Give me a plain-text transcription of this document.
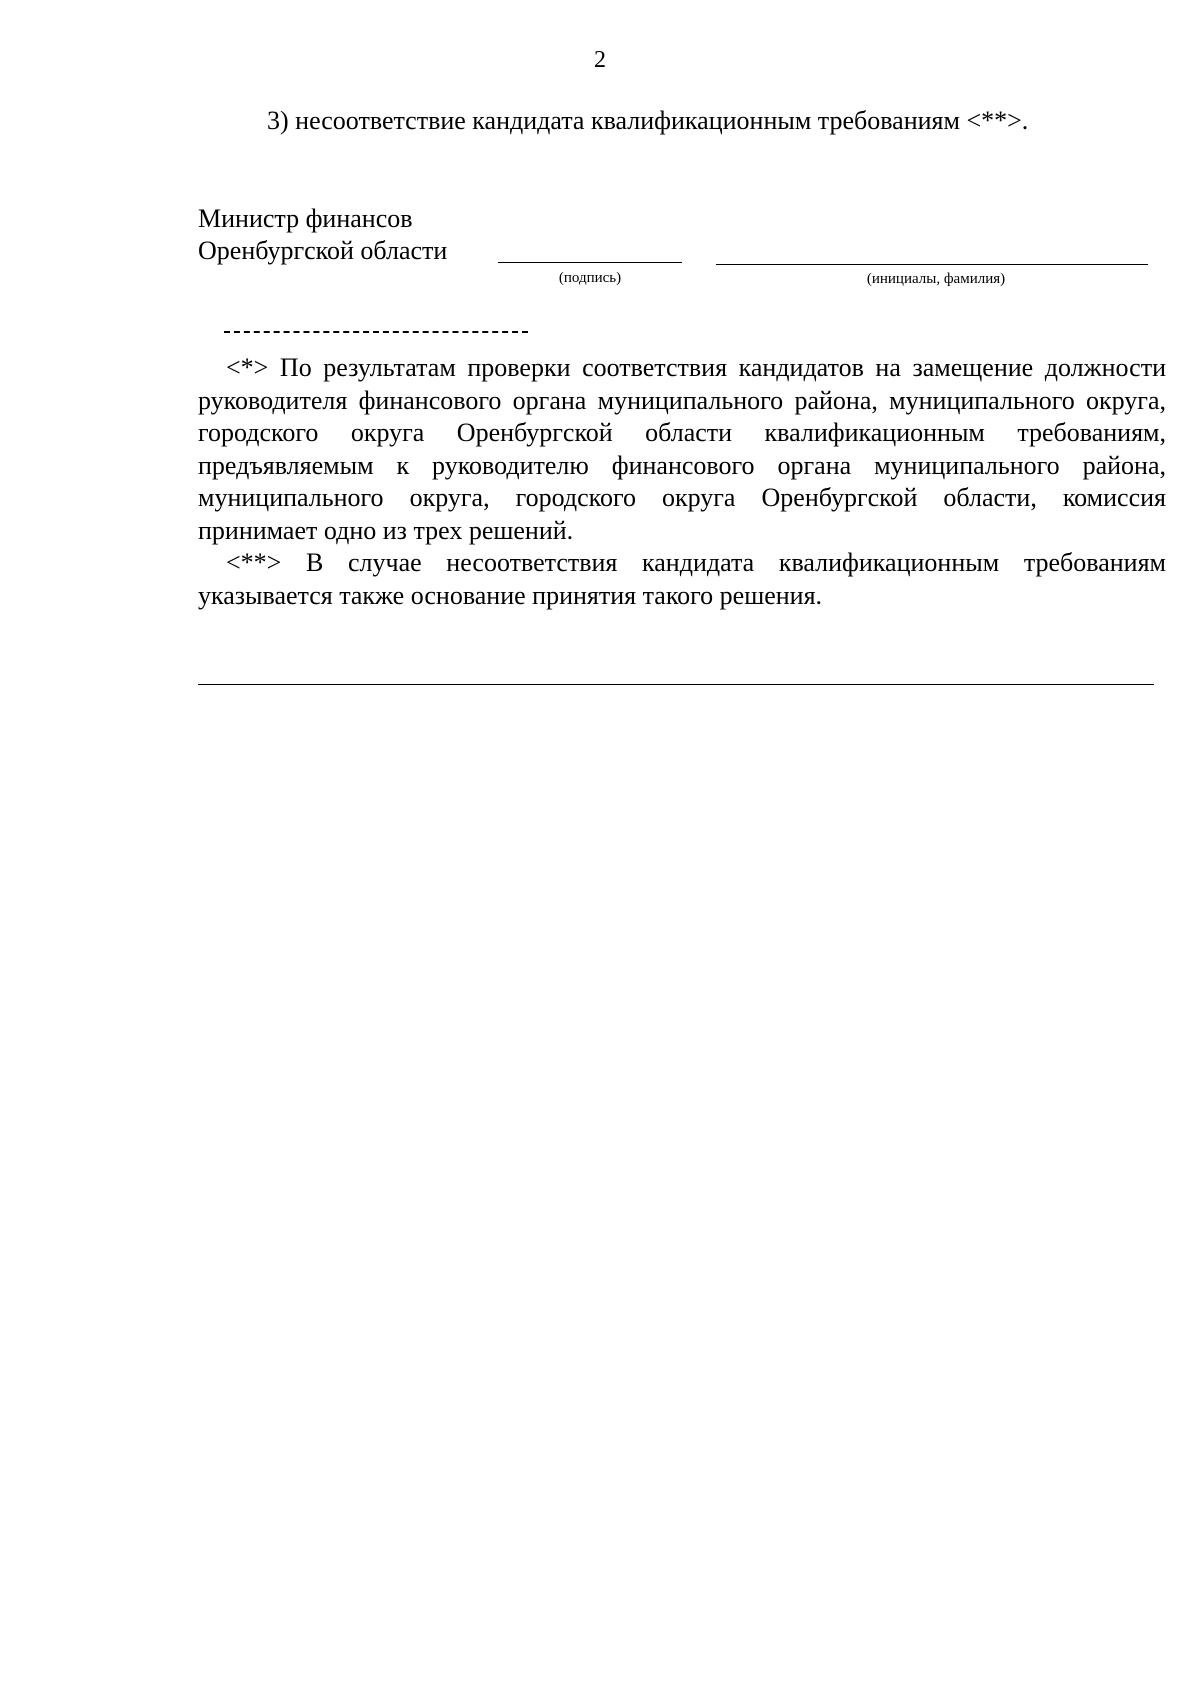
2
3) несоответствие кандидата квалификационным требованиям <**>.
Министр финансов
Оренбургской области
(подпись)	(инициалы, фамилия)

<*> По результатам проверки соответствия кандидатов на замещение должности руководителя финансового органа муниципального района, муниципального округа, городского округа Оренбургской области квалификационным требованиям, предъявляемым к руководителю финансового органа муниципального района, муниципального округа, городского округа Оренбургской области, комиссия принимает одно из трех решений.

<**> В случае несоответствия кандидата квалификационным требованиям указывается также основание принятия такого решения.
